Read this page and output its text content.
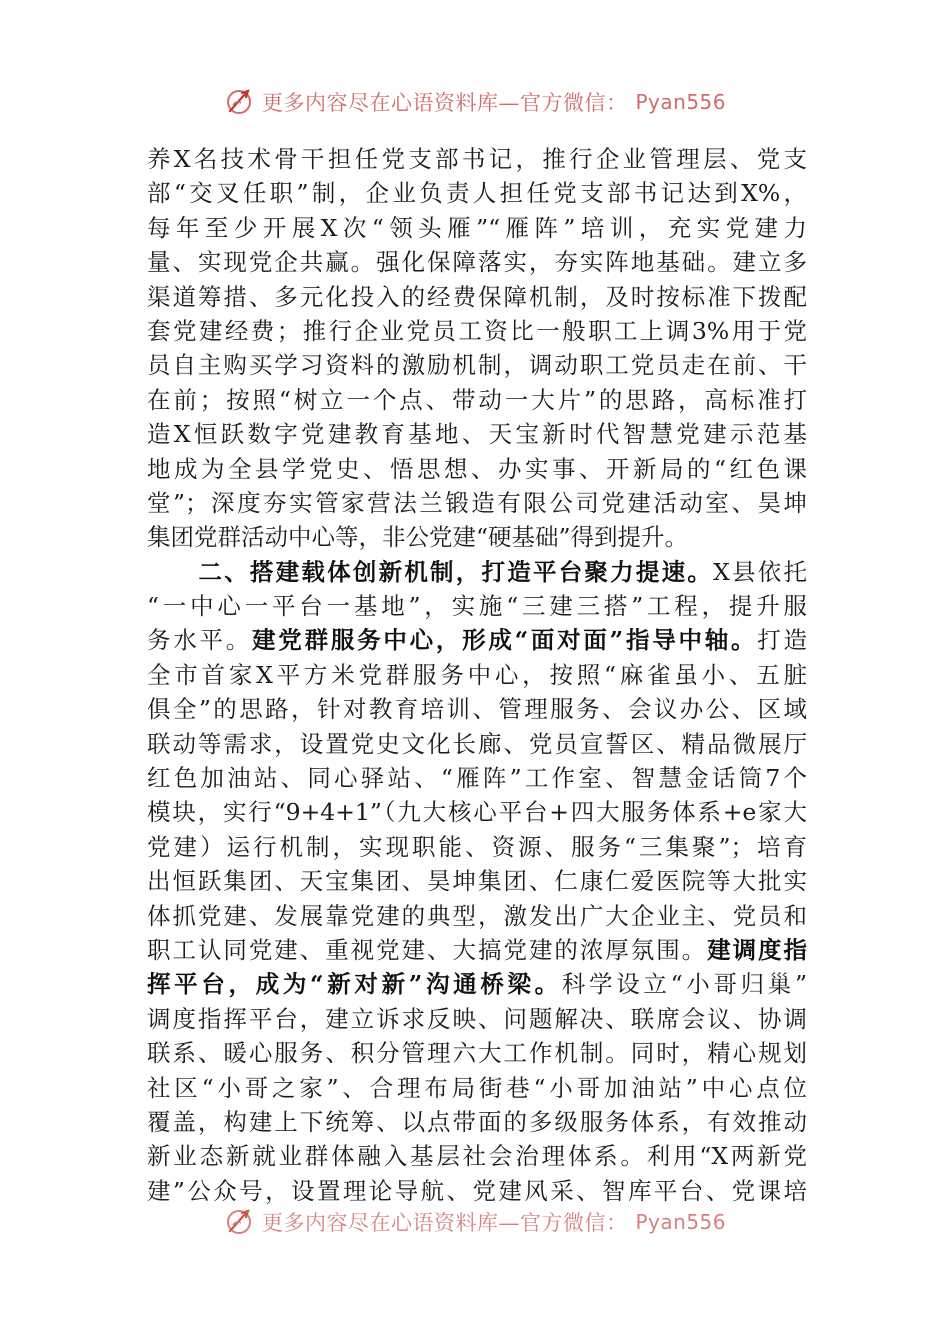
更多内容尽在心语资料库—官方微信： Pyan556
养X名技术骨干担任党支部书记，推行企业管理层、党支
部“交叉任职”制，企业负责人担任党支部书记达到X%，
每年至少开展X次“领头雁”“雁阵”培训，充实党建力
量、实现党企共赢。强化保障落实，夯实阵地基础。建立多
渠道筹措、多元化投入的经费保障机制，及时按标准下拨配
套党建经费；推行企业党员工资比一般职工上调3%用于党
员自主购买学习资料的激励机制，调动职工党员走在前、干
在前；按照“树立一个点、带动一大片”的思路，高标准打
造X恒跃数字党建教育基地、天宝新时代智慧党建示范基
地成为全县学党史、悟思想、办实事、开新局的“红色课
堂”；深度夯实管家营法兰锻造有限公司党建活动室、昊坤
集团党群活动中心等，非公党建“硬基础”得到提升。
　　二、搭建载体创新机制，打造平台聚力提速。X县依托
“一中心一平台一基地”，实施“三建三搭”工程，提升服
务水平。建党群服务中心，形成“面对面”指导中轴。打造
全市首家X平方米党群服务中心，按照“麻雀虽小、五脏
俱全”的思路，针对教育培训、管理服务、会议办公、区域
联动等需求，设置党史文化长廊、党员宣誓区、精品微展厅
红色加油站、同心驿站、“雁阵”工作室、智慧金话筒7个
模块，实行“9+4+1”（九大核心平台+四大服务体系+e家大
党建）运行机制，实现职能、资源、服务“三集聚”；培育
出恒跃集团、天宝集团、昊坤集团、仁康仁爱医院等大批实
体抓党建、发展靠党建的典型，激发出广大企业主、党员和
职工认同党建、重视党建、大搞党建的浓厚氛围。建调度指
挥平台，成为“新对新”沟通桥梁。科学设立“小哥归巢”
调度指挥平台，建立诉求反映、问题解决、联席会议、协调
联系、暖心服务、积分管理六大工作机制。同时，精心规划
社区“小哥之家”、合理布局街巷“小哥加油站”中心点位
覆盖，构建上下统筹、以点带面的多级服务体系，有效推动
新业态新就业群体融入基层社会治理体系。利用“X两新党
建”公众号，设置理论导航、党建风采、智库平台、党课培
更多内容尽在心语资料库—官方微信： Pyan556
